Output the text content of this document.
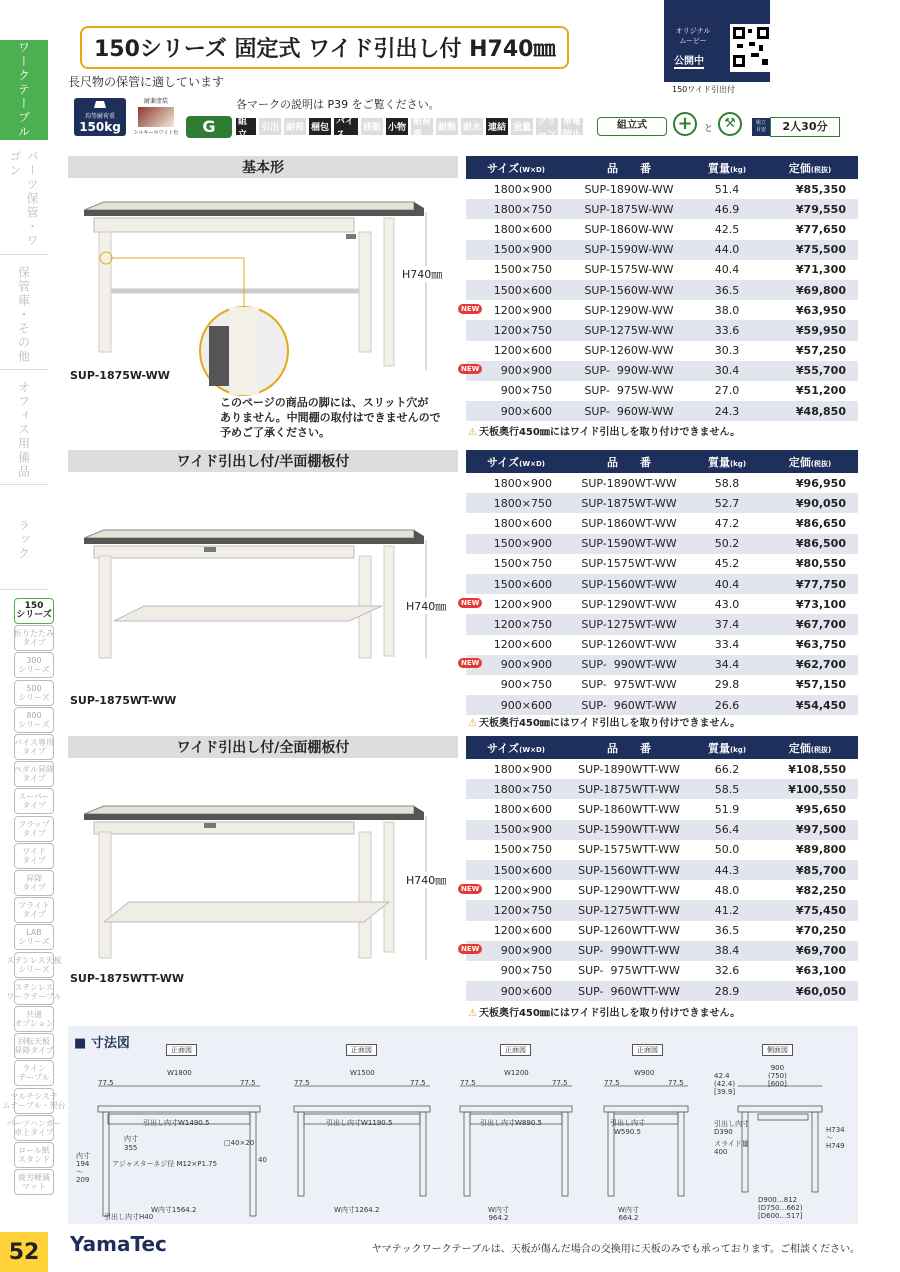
ワークテーブル
パーツ保管・ワゴン
保管庫・その他
オフィス用備品
ラック
150
シリーズ
折りたたみ
タイプ
300
シリーズ
500
シリーズ
800
シリーズ
バイス専用
タイプ
ペダル昇降
タイプ
スーパー
タイプ
フラップ
タイプ
ワイド
タイプ
昇降
タイプ
フライト
タイプ
LAB
シリーズ
ステンレス天板
シリーズ
ステンレス
ワークテーブル
共通
オプション
回転天板
昇降タイプ
ライン
テーブル
マルチシステ
ムテーブル・架台
パーツハンガー
卓上タイプ
ロール紙
スタンド
疲労軽減
マット
52
150シリーズ 固定式 ワイド引出し付 H740㎜
長尺物の保管に適しています
オリジナル
ムービー
公開中
150ワイド引出付
均等耐荷重
150kg
耐薬塗装
シルキーホワイト色	G
各マークの説明は P39 をご覧ください。
組立
引出 耐荷 梱包
バイス
移動 小物
耐荷重
耐熱 耐水 連結 重量
クリーン
帯電防止
組立式	+	と ⚒	組立
目安	2人30分
基本形
ワイド引出し付/半面棚板付
ワイド引出し付/全面棚板付
H740㎜
SUP-1875W-WW
このページの商品の脚には、スリット穴が
ありません。中間棚の取付はできませんので
予めご了承ください。
H740㎜
SUP-1875WT-WW
H740㎜
SUP-1875WTT-WW
サイズ(W×D)	品　　番	質量(kg)	定価(税抜)
1800×900	SUP-1890W-WW	51.4	¥85,350
1800×750	SUP-1875W-WW	46.9	¥79,550
1800×600	SUP-1860W-WW	42.5	¥77,650
1500×900	SUP-1590W-WW	44.0	¥75,500
1500×750	SUP-1575W-WW	40.4	¥71,300
1500×600	SUP-1560W-WW	36.5	¥69,800

NEW 1200×900	SUP-1290W-WW	38.0	¥63,950
1200×750	SUP-1275W-WW	33.6	¥59,950
1200×600	SUP-1260W-WW	30.3	¥57,250

NEW 900×900	SUP-  990W-WW	30.4	¥55,700
900×750	SUP-  975W-WW	27.0	¥51,200
900×600	SUP-  960W-WW	24.3	¥48,850
サイズ(W×D)	品　　番	質量(kg)	定価(税抜)
1800×900	SUP-1890WT-WW	58.8	¥96,950
1800×750	SUP-1875WT-WW	52.7	¥90,050
1800×600	SUP-1860WT-WW	47.2	¥86,650
1500×900	SUP-1590WT-WW	50.2	¥86,500
1500×750	SUP-1575WT-WW	45.2	¥80,550
1500×600	SUP-1560WT-WW	40.4	¥77,750

NEW 1200×900	SUP-1290WT-WW	43.0	¥73,100
1200×750	SUP-1275WT-WW	37.4	¥67,700
1200×600	SUP-1260WT-WW	33.4	¥63,750

NEW 900×900	SUP-  990WT-WW	34.4	¥62,700
900×750	SUP-  975WT-WW	29.8	¥57,150
900×600	SUP-  960WT-WW	26.6	¥54,450
サイズ(W×D)	品　　番	質量(kg)	定価(税抜)
1800×900	SUP-1890WTT-WW	66.2	¥108,550
1800×750	SUP-1875WTT-WW	58.5	¥100,550
1800×600	SUP-1860WTT-WW	51.9	¥95,650
1500×900	SUP-1590WTT-WW	56.4	¥97,500
1500×750	SUP-1575WTT-WW	50.0	¥89,800
1500×600	SUP-1560WTT-WW	44.3	¥85,700

NEW 1200×900	SUP-1290WTT-WW	48.0	¥82,250
1200×750	SUP-1275WTT-WW	41.2	¥75,450
1200×600	SUP-1260WTT-WW	36.5	¥70,250

NEW 900×900	SUP-  990WTT-WW	38.4	¥69,700
900×750	SUP-  975WTT-WW	32.6	¥63,100
900×600	SUP-  960WTT-WW	28.9	¥60,050
⚠ 天板奥行450㎜にはワイド引出しを取り付けできません。
⚠ 天板奥行450㎜にはワイド引出しを取り付けできません。
⚠ 天板奥行450㎜にはワイド引出しを取り付けできません。
■ 寸法図	正面図	正面図	正面図	正面図	側面図
W1800
77.5	77.5
引出し内寸W1490.5
W内寸1564.2
W1500
77.5	77.5
引出し内寸W1190.5
W内寸1264.2
W1200
77.5	77.5
引出し内寸W890.5
W内寸
964.2
W900
77.5	77.5
引出し内寸
W590.5
W内寸
664.2
内寸
355
□40×20
アジャスターネジ径 M12×P1.75
内寸
194
〜
209
引出し内寸H40
40
900
(750)
[600]
42.4
(42.4)
[39.9]
引出し内寸
D390
スライド量
400
H734
〜
H749
D900…812
(D750…662)
[D600…517]
YamaTec	ヤマテックワークテーブルは、天板が傷んだ場合の交換用に天板のみでも承っております。ご相談ください。
